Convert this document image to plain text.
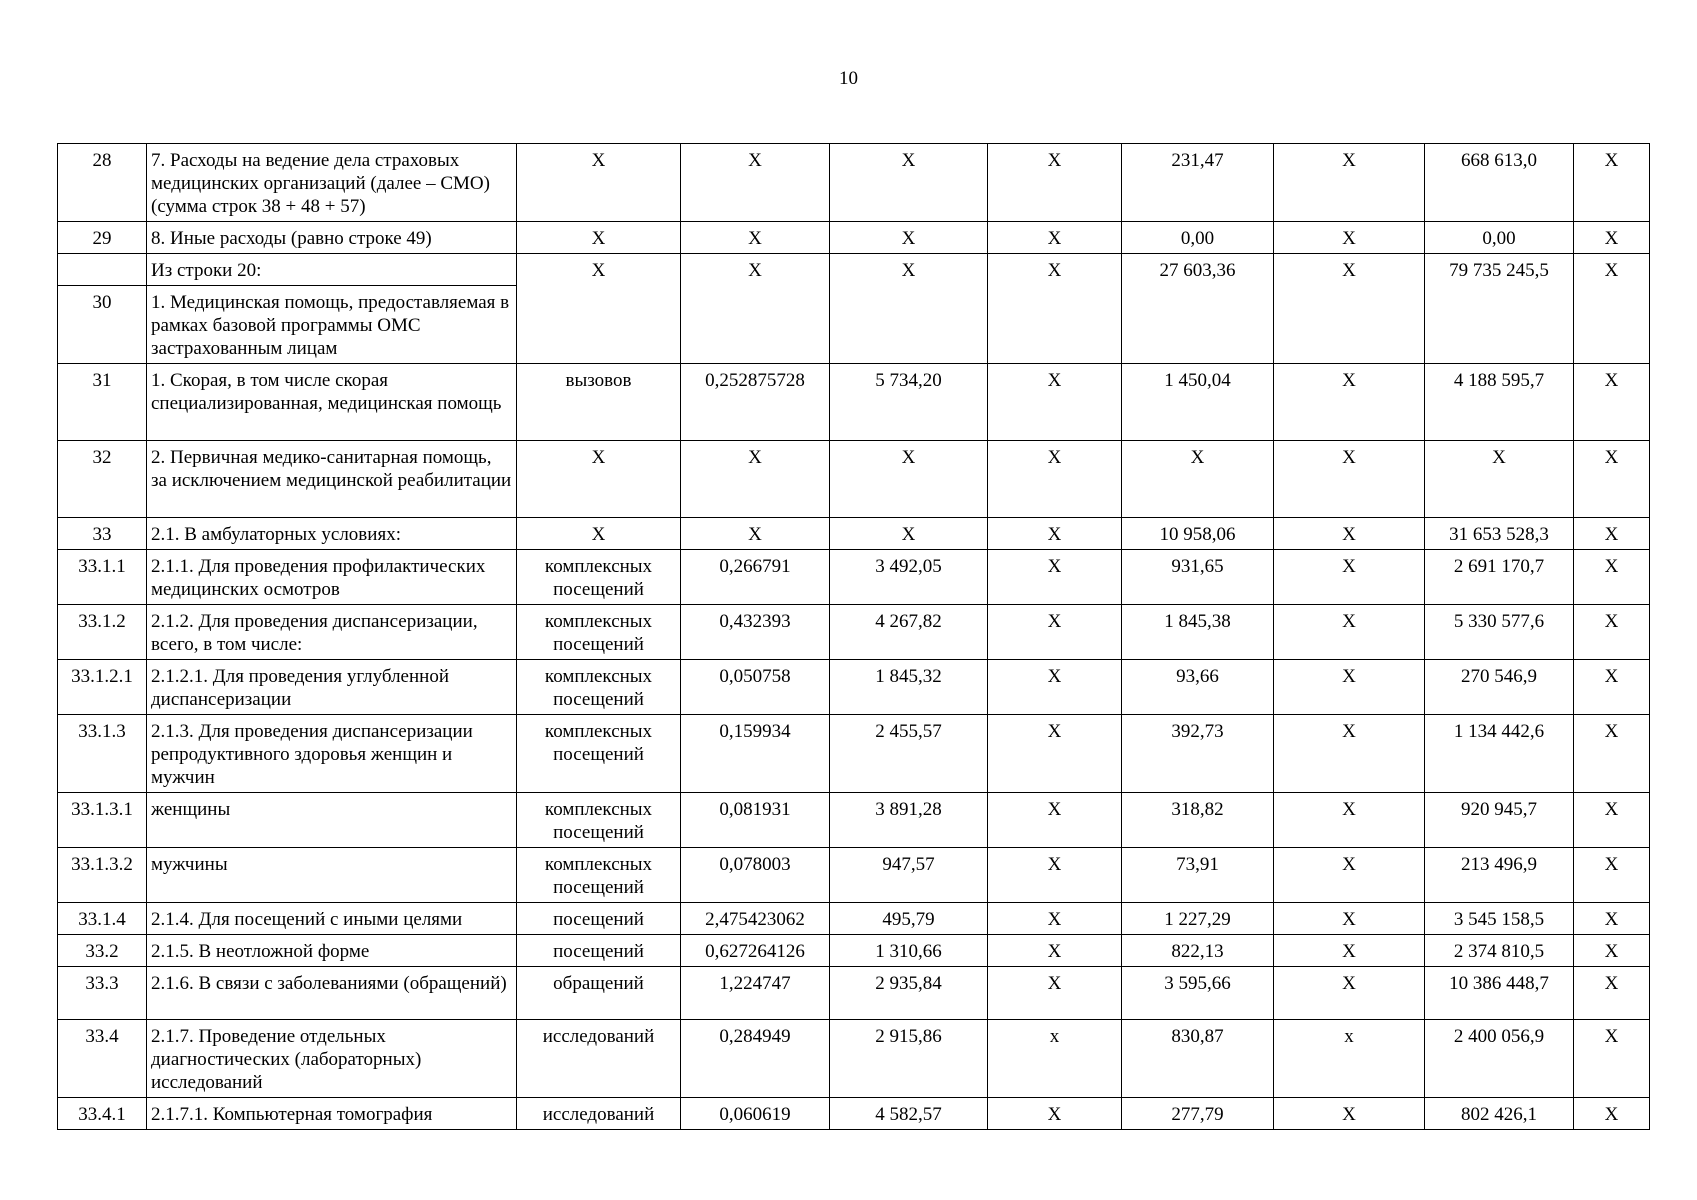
10
28	7. Расходы на ведение дела страховых медицинских организаций (далее – СМО) (сумма строк 38 + 48 + 57)	X	X	X	X	231,47	X	668 613,0	X
29	8. Иные расходы (равно строке 49)	X	X	X	X	0,00	X	0,00	X
	Из строки 20:	X	X	X	X	27 603,36	X	79 735 245,5	X
30	1. Медицинская помощь, предоставляемая в рамках базовой программы ОМС застрахованным лицам								
31	1. Скорая, в том числе скорая специализированная, медицинская помощь	вызовов	0,252875728	5 734,20	X	1 450,04	X	4 188 595,7	X
32	2. Первичная медико-санитарная помощь, за исключением медицинской реабилитации	X	X	X	X	X	X	X	X
33	2.1. В амбулаторных условиях:	X	X	X	X	10 958,06	X	31 653 528,3	X
33.1.1	2.1.1. Для проведения профилактических медицинских осмотров	комплексных посещений	0,266791	3 492,05	X	931,65	X	2 691 170,7	X
33.1.2	2.1.2. Для проведения диспансеризации, всего, в том числе:	комплексных посещений	0,432393	4 267,82	X	1 845,38	X	5 330 577,6	X
33.1.2.1	2.1.2.1. Для проведения углубленной диспансеризации	комплексных посещений	0,050758	1 845,32	X	93,66	X	270 546,9	X
33.1.3	2.1.3. Для проведения диспансеризации репродуктивного здоровья женщин и мужчин	комплексных посещений	0,159934	2 455,57	X	392,73	X	1 134 442,6	X
33.1.3.1	женщины	комплексных посещений	0,081931	3 891,28	X	318,82	X	920 945,7	X
33.1.3.2	мужчины	комплексных посещений	0,078003	947,57	X	73,91	X	213 496,9	X
33.1.4	2.1.4. Для посещений с иными целями	посещений	2,475423062	495,79	X	1 227,29	X	3 545 158,5	X
33.2	2.1.5. В неотложной форме	посещений	0,627264126	1 310,66	X	822,13	X	2 374 810,5	X
33.3	2.1.6. В связи с заболеваниями (обращений)	обращений	1,224747	2 935,84	X	3 595,66	X	10 386 448,7	X
33.4	2.1.7. Проведение отдельных диагностических (лабораторных) исследований	исследований	0,284949	2 915,86	x	830,87	x	2 400 056,9	X
33.4.1	2.1.7.1. Компьютерная томография	исследований	0,060619	4 582,57	X	277,79	X	802 426,1	X
